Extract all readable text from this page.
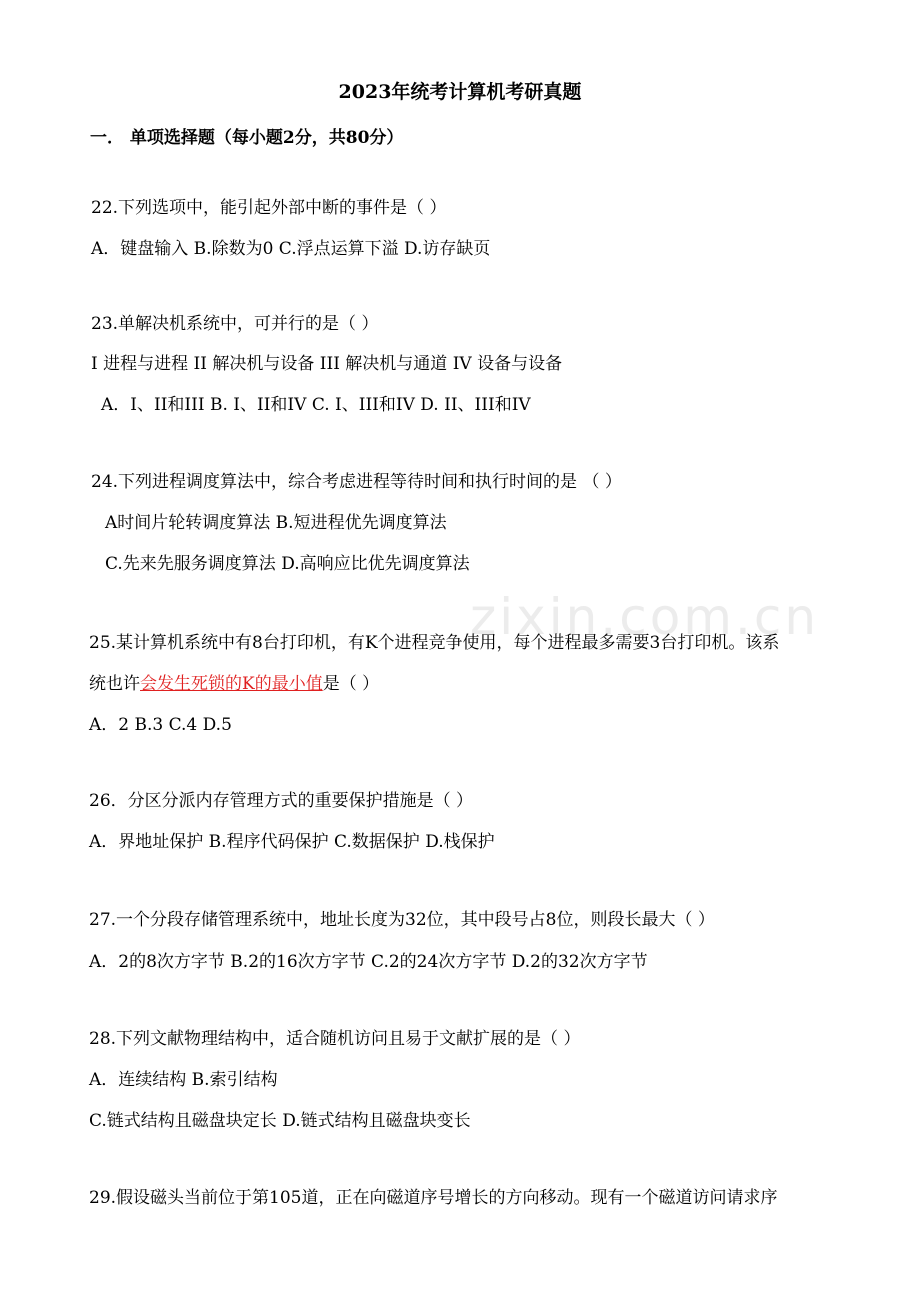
zixin.com.cn
2023年统考计算机考研真题
一． 单项选择题（每小题2分，共80分）
22.下列选项中，能引起外部中断的事件是（ ）
A．键盘输入 B.除数为0 C.浮点运算下溢 D.访存缺页
23.单解决机系统中，可并行的是（ ）
I 进程与进程 II 解决机与设备 III 解决机与通道 IV 设备与设备
A．I、II和III B. I、II和IV C. I、III和IV D. II、III和IV
24.下列进程调度算法中，综合考虑进程等待时间和执行时间的是 （ ）
A时间片轮转调度算法 B.短进程优先调度算法
C.先来先服务调度算法 D.高响应比优先调度算法
25.某计算机系统中有8台打印机，有K个进程竞争使用，每个进程最多需要3台打印机。该系
统也许会发生死锁的K的最小值是（ ）
A．2 B.3 C.4 D.5
26．分区分派内存管理方式的重要保护措施是（ ）
A．界地址保护 B.程序代码保护 C.数据保护 D.栈保护
27.一个分段存储管理系统中，地址长度为32位，其中段号占8位，则段长最大（ ）
A．2的8次方字节 B.2的16次方字节 C.2的24次方字节 D.2的32次方字节
28.下列文献物理结构中，适合随机访问且易于文献扩展的是（ ）
A．连续结构 B.索引结构
C.链式结构且磁盘块定长 D.链式结构且磁盘块变长
29.假设磁头当前位于第105道，正在向磁道序号增长的方向移动。现有一个磁道访问请求序
